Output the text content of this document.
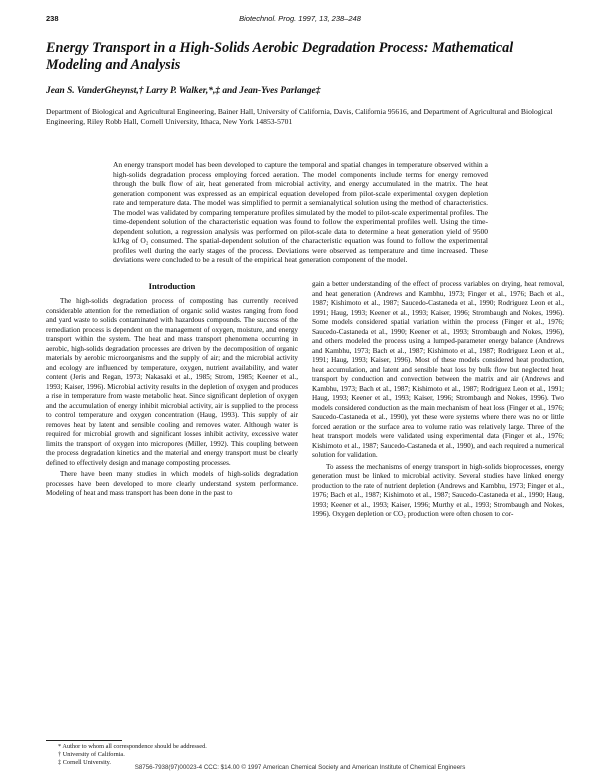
238	Biotechnol. Prog. 1997, 13, 238–248
Energy Transport in a High-Solids Aerobic Degradation Process: Mathematical Modeling and Analysis
Jean S. VanderGheynst,† Larry P. Walker,*,‡ and Jean-Yves Parlange‡
Department of Biological and Agricultural Engineering, Bainer Hall, University of California, Davis, California 95616, and Department of Agricultural and Biological Engineering, Riley Robb Hall, Cornell University, Ithaca, New York 14853-5701
An energy transport model has been developed to capture the temporal and spatial changes in temperature observed within a high-solids degradation process employing forced aeration. The model components include terms for energy removed through the bulk flow of air, heat generated from microbial activity, and energy accumulated in the matrix. The heat generation component was expressed as an empirical equation developed from pilot-scale experimental oxygen depletion rate and temperature data. The model was simplified to permit a semianalytical solution using the method of characteristics. The model was validated by comparing temperature profiles simulated by the model to pilot-scale experimental profiles. The time-dependent solution of the characteristic equation was found to follow the experimental profiles well. Using the time-dependent solution, a regression analysis was performed on pilot-scale data to determine a heat generation yield of 9500 kJ/kg of O₂ consumed. The spatial-dependent solution of the characteristic equation was found to follow the experimental profiles well during the early stages of the process. Deviations were observed as temperature and time increased. These deviations were concluded to be a result of the empirical heat generation component of the model.
Introduction

The high-solids degradation process of composting has currently received considerable attention for the remediation of organic solid wastes ranging from food and yard waste to solids contaminated with hazardous compounds. The success of the remediation process is dependent on the management of oxygen, moisture, and energy transport within the system. The heat and mass transport phenomena occurring in aerobic, high-solids degradation processes are driven by the decomposition of organic materials by aerobic microorganisms and the supply of air; and the microbial activity and ecology are influenced by temperature, oxygen, nutrient availability, and water content (Jeris and Regan, 1973; Nakasaki et al., 1985; Strom, 1985; Keener et al., 1993; Kaiser, 1996). Microbial activity results in the depletion of oxygen and produces a rise in temperature from waste metabolic heat. Since significant depletion of oxygen and the accumulation of energy inhibit microbial activity, air is supplied to the process to control temperature and oxygen concentration (Haug, 1993). This supply of air removes heat by latent and sensible cooling and removes water. Although water is required for microbial growth and significant losses inhibit activity, excessive water limits the transport of oxygen into micropores (Miller, 1992). This coupling between the process degradation kinetics and the material and energy transport must be clearly defined to effectively design and manage composting processes.

There have been many studies in which models of high-solids degradation processes have been developed to more clearly understand system performance. Modeling of heat and mass transport has been done in the past to

gain a better understanding of the effect of process variables on drying, heat removal, and heat generation (Andrews and Kambhu, 1973; Finger et al., 1976; Bach et al., 1987; Kishimoto et al., 1987; Saucedo-Castaneda et al., 1990; Rodriguez Leon et al., 1991; Haug, 1993; Keener et al., 1993; Kaiser, 1996; Strombaugh and Nokes, 1996). Some models considered spatial variation within the process (Finger et al., 1976; Saucedo-Castaneda et al., 1990; Keener et al., 1993; Strombaugh and Nokes, 1996), and others modeled the process using a lumped-parameter energy balance (Andrews and Kambhu, 1973; Bach et al., 1987; Kishimoto et al., 1987; Rodriguez Leon et al., 1991; Haug, 1993; Kaiser, 1996). Most of these models considered heat production, heat accumulation, and latent and sensible heat loss by bulk flow but neglected heat transport by conduction and convection between the matrix and air (Andrews and Kambhu, 1973; Bach et al., 1987; Kishimoto et al., 1987; Rodriguez Leon et al., 1991; Haug, 1993; Keener et al., 1993; Kaiser, 1996; Strombaugh and Nokes, 1996). Two models considered conduction as the main mechanism of heat loss (Finger et al., 1976; Saucedo-Castaneda et al., 1990), yet these were systems where there was no or little forced aeration or the surface area to volume ratio was relatively large. Three of the heat transport models were validated using experimental data (Finger et al., 1976; Kishimoto et al., 1987; Saucedo-Castaneda et al., 1990), and each required a numerical solution for validation.

To assess the mechanisms of energy transport in high-solids bioprocesses, energy generation must be linked to microbial activity. Several studies have linked energy production to the rate of nutrient depletion (Andrews and Kambhu, 1973; Finger et al., 1976; Bach et al., 1987; Kishimoto et al., 1987; Saucedo-Castaneda et al., 1990; Haug, 1993; Keener et al., 1993; Kaiser, 1996; Murthy et al., 1993; Strombaugh and Nokes, 1996). Oxygen depletion or CO₂ production were often chosen to cor-

* Author to whom all correspondence should be addressed.
† University of California.
‡ Cornell University.
S8756-7938(97)00023-4 CCC: $14.00 © 1997 American Chemical Society and American Institute of Chemical Engineers
